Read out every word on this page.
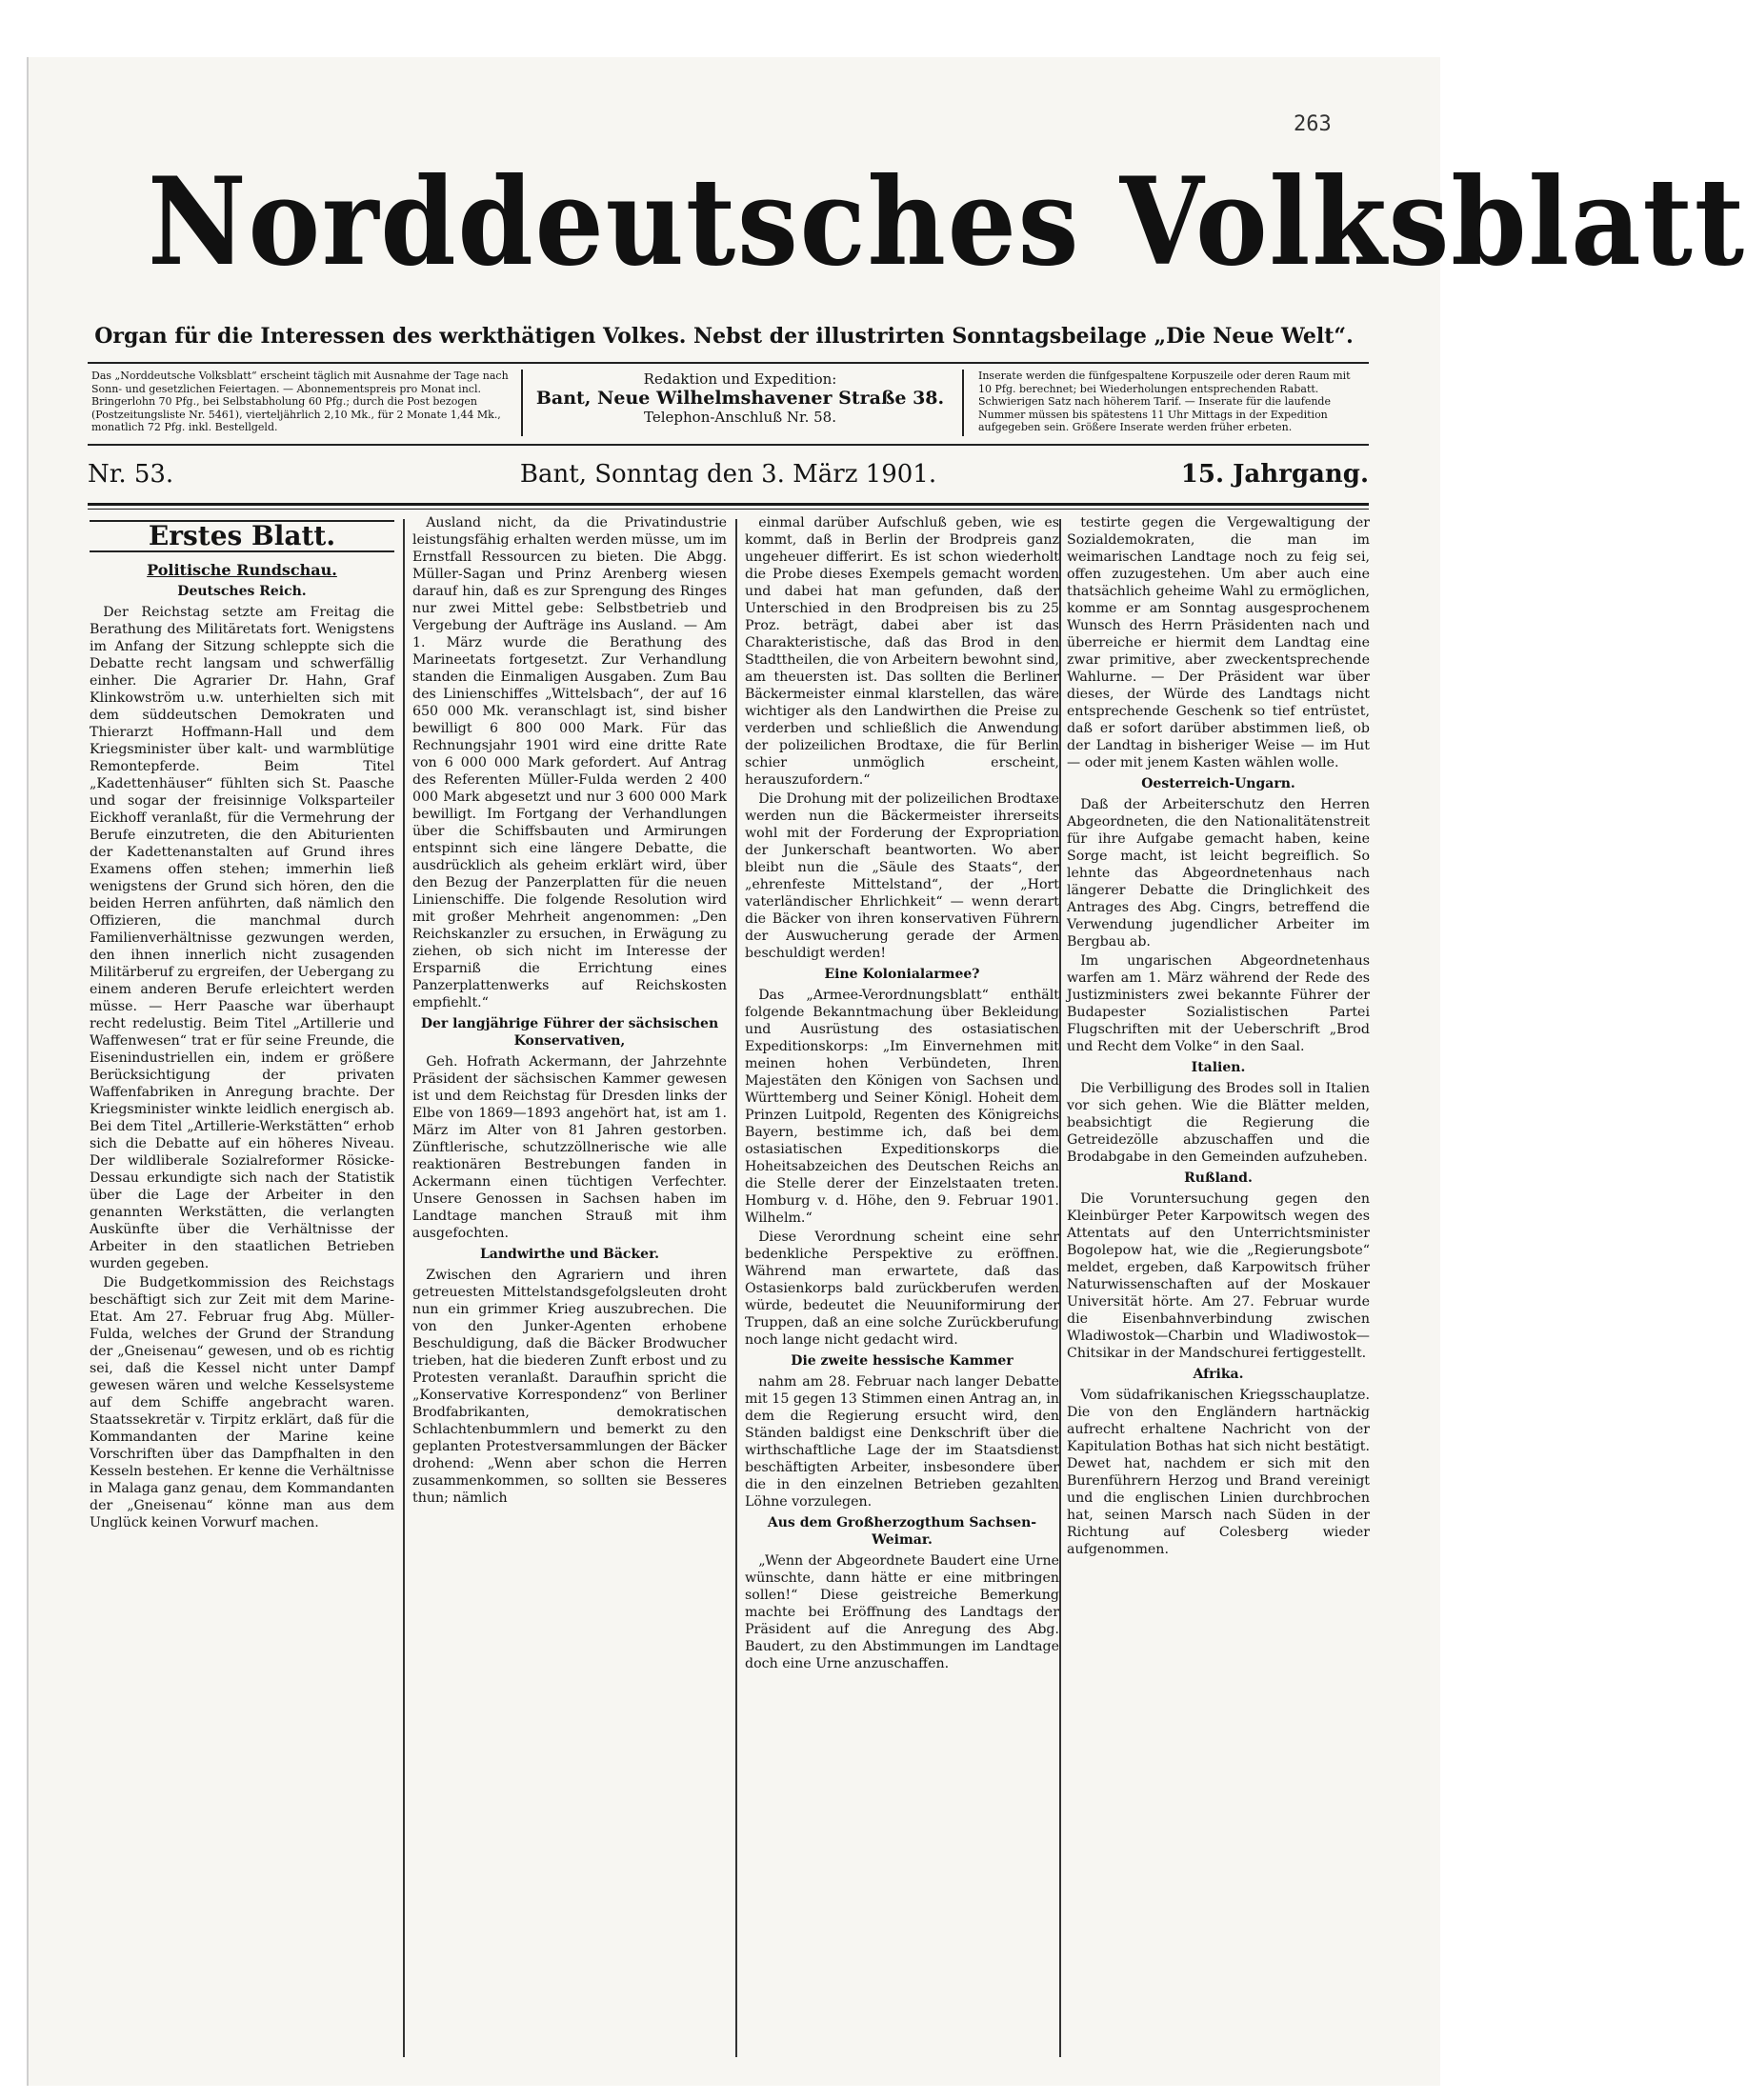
263
Norddeutsches Volksblatt
Organ für die Interessen des werkthätigen Volkes. Nebst der illustrirten Sonntagsbeilage „Die Neue Welt“.
Das „Norddeutsche Volksblatt“ erscheint täglich mit Ausnahme der Tage nach Sonn- und gesetzlichen Feiertagen. — Abonnementspreis pro Monat incl. Bringerlohn 70 Pfg., bei Selbstabholung 60 Pfg.; durch die Post bezogen (Postzeitungsliste Nr. 5461), vierteljährlich 2,10 Mk., für 2 Monate 1,44 Mk., monatlich 72 Pfg. inkl. Bestellgeld.
Redaktion und Expedition:
Bant, Neue Wilhelmshavener Straße 38.
Telephon-Anschluß Nr. 58.
Inserate werden die fünfgespaltene Korpuszeile oder deren Raum mit 10 Pfg. berechnet; bei Wiederholungen entsprechenden Rabatt. Schwierigen Satz nach höherem Tarif. — Inserate für die laufende Nummer müssen bis spätestens 11 Uhr Mittags in der Expedition aufgegeben sein. Größere Inserate werden früher erbeten.
Nr. 53.	Bant, Sonntag den 3. März 1901.	15. Jahrgang.
Erstes Blatt.
Politische Rundschau.
Deutsches Reich.

Der Reichstag setzte am Freitag die Berathung des Militäretats fort. Wenigstens im Anfang der Sitzung schleppte sich die Debatte recht langsam und schwerfällig einher. Die Agrarier Dr. Hahn, Graf Klinkowström u.w. unterhielten sich mit dem süddeutschen Demokraten und Thierarzt Hoffmann-Hall und dem Kriegsminister über kalt- und warmblütige Remontepferde. Beim Titel „Kadettenhäuser“ fühlten sich St. Paasche und sogar der freisinnige Volksparteiler Eickhoff veranlaßt, für die Vermehrung der Berufe einzutreten, die den Abiturienten der Kadettenanstalten auf Grund ihres Examens offen stehen; immerhin ließ wenigstens der Grund sich hören, den die beiden Herren anführten, daß nämlich den Offizieren, die manchmal durch Familienverhältnisse gezwungen werden, den ihnen innerlich nicht zusagenden Militärberuf zu ergreifen, der Uebergang zu einem anderen Berufe erleichtert werden müsse. — Herr Paasche war überhaupt recht redelustig. Beim Titel „Artillerie und Waffenwesen“ trat er für seine Freunde, die Eisenindustriellen ein, indem er größere Berücksichtigung der privaten Waffenfabriken in Anregung brachte. Der Kriegsminister winkte leidlich energisch ab. Bei dem Titel „Artillerie-Werkstätten“ erhob sich die Debatte auf ein höheres Niveau. Der wildliberale Sozialreformer Rösicke-Dessau erkundigte sich nach der Statistik über die Lage der Arbeiter in den genannten Werkstätten, die verlangten Auskünfte über die Verhältnisse der Arbeiter in den staatlichen Betrieben wurden gegeben.

Die Budgetkommission des Reichstags beschäftigt sich zur Zeit mit dem Marine-Etat. Am 27. Februar frug Abg. Müller-Fulda, welches der Grund der Strandung der „Gneisenau“ gewesen, und ob es richtig sei, daß die Kessel nicht unter Dampf gewesen wären und welche Kesselsysteme auf dem Schiffe angebracht waren. Staatssekretär v. Tirpitz erklärt, daß für die Kommandanten der Marine keine Vorschriften über das Dampfhalten in den Kesseln bestehen. Er kenne die Verhältnisse in Malaga ganz genau, dem Kommandanten der „Gneisenau“ könne man aus dem Unglück keinen Vorwurf machen.

Ausland nicht, da die Privatindustrie leistungsfähig erhalten werden müsse, um im Ernstfall Ressourcen zu bieten. Die Abgg. Müller-Sagan und Prinz Arenberg wiesen darauf hin, daß es zur Sprengung des Ringes nur zwei Mittel gebe: Selbstbetrieb und Vergebung der Aufträge ins Ausland. — Am 1. März wurde die Berathung des Marineetats fortgesetzt. Zur Verhandlung standen die Einmaligen Ausgaben. Zum Bau des Linienschiffes „Wittelsbach“, der auf 16 650 000 Mk. veranschlagt ist, sind bisher bewilligt 6 800 000 Mark. Für das Rechnungsjahr 1901 wird eine dritte Rate von 6 000 000 Mark gefordert. Auf Antrag des Referenten Müller-Fulda werden 2 400 000 Mark abgesetzt und nur 3 600 000 Mark bewilligt. Im Fortgang der Verhandlungen über die Schiffsbauten und Armirungen entspinnt sich eine längere Debatte, die ausdrücklich als geheim erklärt wird, über den Bezug der Panzerplatten für die neuen Linienschiffe. Die folgende Resolution wird mit großer Mehrheit angenommen: „Den Reichskanzler zu ersuchen, in Erwägung zu ziehen, ob sich nicht im Interesse der Ersparniß die Errichtung eines Panzerplattenwerks auf Reichskosten empfiehlt.“

Der langjährige Führer der sächsischen Konservativen,

Geh. Hofrath Ackermann, der Jahrzehnte Präsident der sächsischen Kammer gewesen ist und dem Reichstag für Dresden links der Elbe von 1869—1893 angehört hat, ist am 1. März im Alter von 81 Jahren gestorben. Zünftlerische, schutzzöllnerische wie alle reaktionären Bestrebungen fanden in Ackermann einen tüchtigen Verfechter. Unsere Genossen in Sachsen haben im Landtage manchen Strauß mit ihm ausgefochten.

Landwirthe und Bäcker.

Zwischen den Agrariern und ihren getreuesten Mittelstandsgefolgsleuten droht nun ein grimmer Krieg auszubrechen. Die von den Junker-Agenten erhobene Beschuldigung, daß die Bäcker Brodwucher trieben, hat die biederen Zunft erbost und zu Protesten veranlaßt. Daraufhin spricht die „Konservative Korrespondenz“ von Berliner Brodfabrikanten, demokratischen Schlachtenbummlern und bemerkt zu den geplanten Protestversammlungen der Bäcker drohend: „Wenn aber schon die Herren zusammenkommen, so sollten sie Besseres thun; nämlich

einmal darüber Aufschluß geben, wie es kommt, daß in Berlin der Brodpreis ganz ungeheuer differirt. Es ist schon wiederholt die Probe dieses Exempels gemacht worden und dabei hat man gefunden, daß der Unterschied in den Brodpreisen bis zu 25 Proz. beträgt, dabei aber ist das Charakteristische, daß das Brod in den Stadttheilen, die von Arbeitern bewohnt sind, am theuersten ist. Das sollten die Berliner Bäckermeister einmal klarstellen, das wäre wichtiger als den Landwirthen die Preise zu verderben und schließlich die Anwendung der polizeilichen Brodtaxe, die für Berlin schier unmöglich erscheint, herauszufordern.“

Die Drohung mit der polizeilichen Brodtaxe werden nun die Bäckermeister ihrerseits wohl mit der Forderung der Expropriation der Junkerschaft beantworten. Wo aber bleibt nun die „Säule des Staats“, der „ehrenfeste Mittelstand“, der „Hort vaterländischer Ehrlichkeit“ — wenn derart die Bäcker von ihren konservativen Führern der Auswucherung gerade der Armen beschuldigt werden!

Eine Kolonialarmee?

Das „Armee-Verordnungsblatt“ enthält folgende Bekanntmachung über Bekleidung und Ausrüstung des ostasiatischen Expeditionskorps: „Im Einvernehmen mit meinen hohen Verbündeten, Ihren Majestäten den Königen von Sachsen und Württemberg und Seiner Königl. Hoheit dem Prinzen Luitpold, Regenten des Königreichs Bayern, bestimme ich, daß bei dem ostasiatischen Expeditionskorps die Hoheitsabzeichen des Deutschen Reichs an die Stelle derer der Einzelstaaten treten. Homburg v. d. Höhe, den 9. Februar 1901. Wilhelm.“

Diese Verordnung scheint eine sehr bedenkliche Perspektive zu eröffnen. Während man erwartete, daß das Ostasienkorps bald zurückberufen werden würde, bedeutet die Neuuniformirung der Truppen, daß an eine solche Zurückberufung noch lange nicht gedacht wird.

Die zweite hessische Kammer

nahm am 28. Februar nach langer Debatte mit 15 gegen 13 Stimmen einen Antrag an, in dem die Regierung ersucht wird, den Ständen baldigst eine Denkschrift über die wirthschaftliche Lage der im Staatsdienst beschäftigten Arbeiter, insbesondere über die in den einzelnen Betrieben gezahlten Löhne vorzulegen.

Aus dem Großherzogthum Sachsen-Weimar.

„Wenn der Abgeordnete Baudert eine Urne wünschte, dann hätte er eine mitbringen sollen!“ Diese geistreiche Bemerkung machte bei Eröffnung des Landtags der Präsident auf die Anregung des Abg. Baudert, zu den Abstimmungen im Landtage doch eine Urne anzuschaffen.

testirte gegen die Vergewaltigung der Sozialdemokraten, die man im weimarischen Landtage noch zu feig sei, offen zuzugestehen. Um aber auch eine thatsächlich geheime Wahl zu ermöglichen, komme er am Sonntag ausgesprochenem Wunsch des Herrn Präsidenten nach und überreiche er hiermit dem Landtag eine zwar primitive, aber zweckentsprechende Wahlurne. — Der Präsident war über dieses, der Würde des Landtags nicht entsprechende Geschenk so tief entrüstet, daß er sofort darüber abstimmen ließ, ob der Landtag in bisheriger Weise — im Hut — oder mit jenem Kasten wählen wolle.

Oesterreich-Ungarn.

Daß der Arbeiterschutz den Herren Abgeordneten, die den Nationalitätenstreit für ihre Aufgabe gemacht haben, keine Sorge macht, ist leicht begreiflich. So lehnte das Abgeordnetenhaus nach längerer Debatte die Dringlichkeit des Antrages des Abg. Cingrs, betreffend die Verwendung jugendlicher Arbeiter im Bergbau ab.

Im ungarischen Abgeordnetenhaus warfen am 1. März während der Rede des Justizministers zwei bekannte Führer der Budapester Sozialistischen Partei Flugschriften mit der Ueberschrift „Brod und Recht dem Volke“ in den Saal.

Italien.

Die Verbilligung des Brodes soll in Italien vor sich gehen. Wie die Blätter melden, beabsichtigt die Regierung die Getreidezölle abzuschaffen und die Brodabgabe in den Gemeinden aufzuheben.

Rußland.

Die Voruntersuchung gegen den Kleinbürger Peter Karpowitsch wegen des Attentats auf den Unterrichtsminister Bogolepow hat, wie die „Regierungsbote“ meldet, ergeben, daß Karpowitsch früher Naturwissenschaften auf der Moskauer Universität hörte. Am 27. Februar wurde die Eisenbahnverbindung zwischen Wladiwostok—Charbin und Wladiwostok—Chitsikar in der Mandschurei fertiggestellt.

Afrika.

Vom südafrikanischen Kriegsschauplatze. Die von den Engländern hartnäckig aufrecht erhaltene Nachricht von der Kapitulation Bothas hat sich nicht bestätigt. Dewet hat, nachdem er sich mit den Burenführern Herzog und Brand vereinigt und die englischen Linien durchbrochen hat, seinen Marsch nach Süden in der Richtung auf Colesberg wieder aufgenommen.
